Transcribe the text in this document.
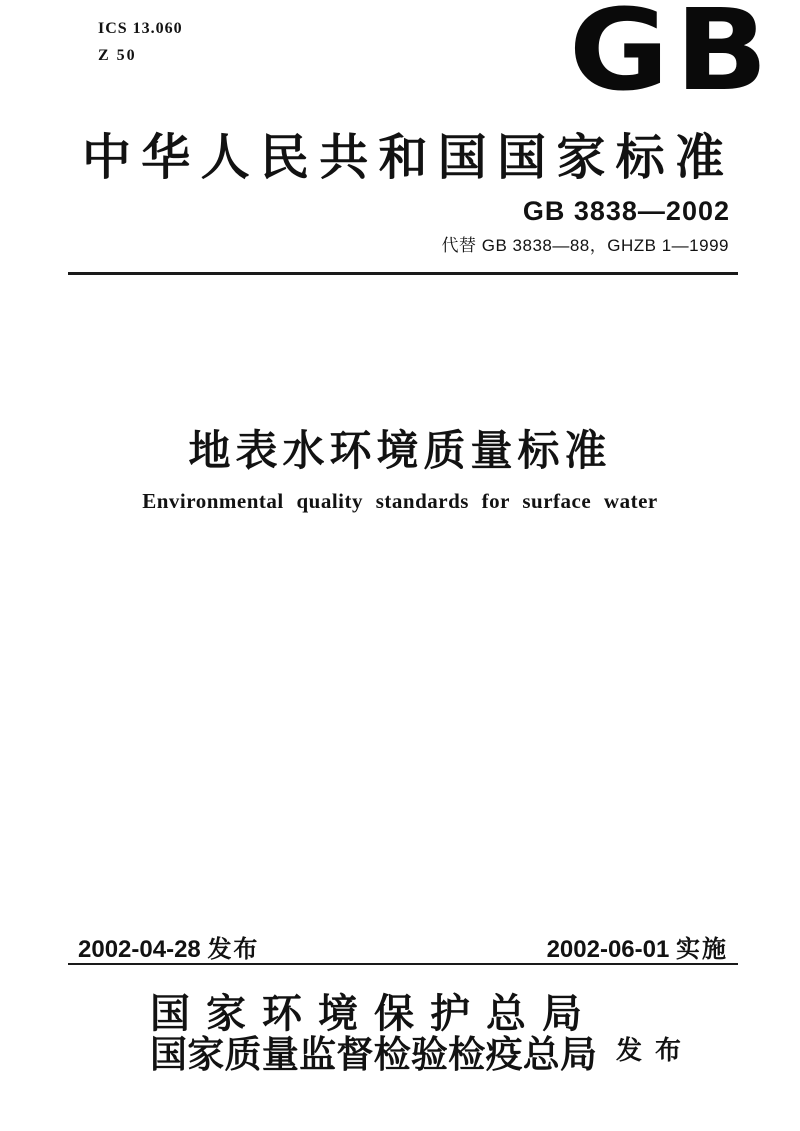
ICS 13.060
Z 50	GB
中华人民共和国国家标准
GB 3838—2002
代替 GB 3838—88，GHZB 1—1999
地表水环境质量标准
Environmental quality standards for surface water
2002-04-28 发布	2002-06-01 实施
国家环境保护总局
国家质量监督检验检疫总局 发布
